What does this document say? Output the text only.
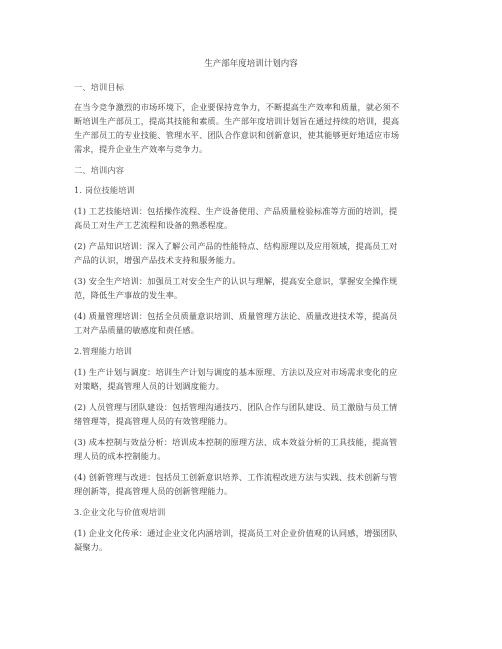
生产部年度培训计划内容
一、培训目标
在当今竞争激烈的市场环境下，企业要保持竞争力，不断提高生产效率和质量，就必须不
断培训生产部员工，提高其技能和素质。生产部年度培训计划旨在通过持续的培训，提高
生产部员工的专业技能、管理水平、团队合作意识和创新意识，使其能够更好地适应市场
需求，提升企业生产效率与竞争力。
二、培训内容
1. 岗位技能培训
(1) 工艺技能培训：包括操作流程、生产设备使用、产品质量检验标准等方面的培训，提
高员工对生产工艺流程和设备的熟悉程度。
(2) 产品知识培训：深入了解公司产品的性能特点、结构原理以及应用领域，提高员工对
产品的认识，增强产品技术支持和服务能力。
(3) 安全生产培训：加强员工对安全生产的认识与理解，提高安全意识，掌握安全操作规
范，降低生产事故的发生率。
(4) 质量管理培训：包括全员质量意识培训、质量管理方法论、质量改进技术等，提高员
工对产品质量的敏感度和责任感。
2.管理能力培训
(1) 生产计划与调度：培训生产计划与调度的基本原理、方法以及应对市场需求变化的应
对策略，提高管理人员的计划调度能力。
(2) 人员管理与团队建设：包括管理沟通技巧、团队合作与团队建设、员工激励与员工情
绪管理等，提高管理人员的有效管理能力。
(3) 成本控制与效益分析：培训成本控制的原理方法、成本效益分析的工具技能，提高管
理人员的成本控制能力。
(4) 创新管理与改进：包括员工创新意识培养、工作流程改进方法与实践、技术创新与管
理创新等，提高管理人员的创新管理能力。
3.企业文化与价值观培训
(1) 企业文化传承：通过企业文化内涵培训，提高员工对企业价值观的认同感，增强团队
凝聚力。
